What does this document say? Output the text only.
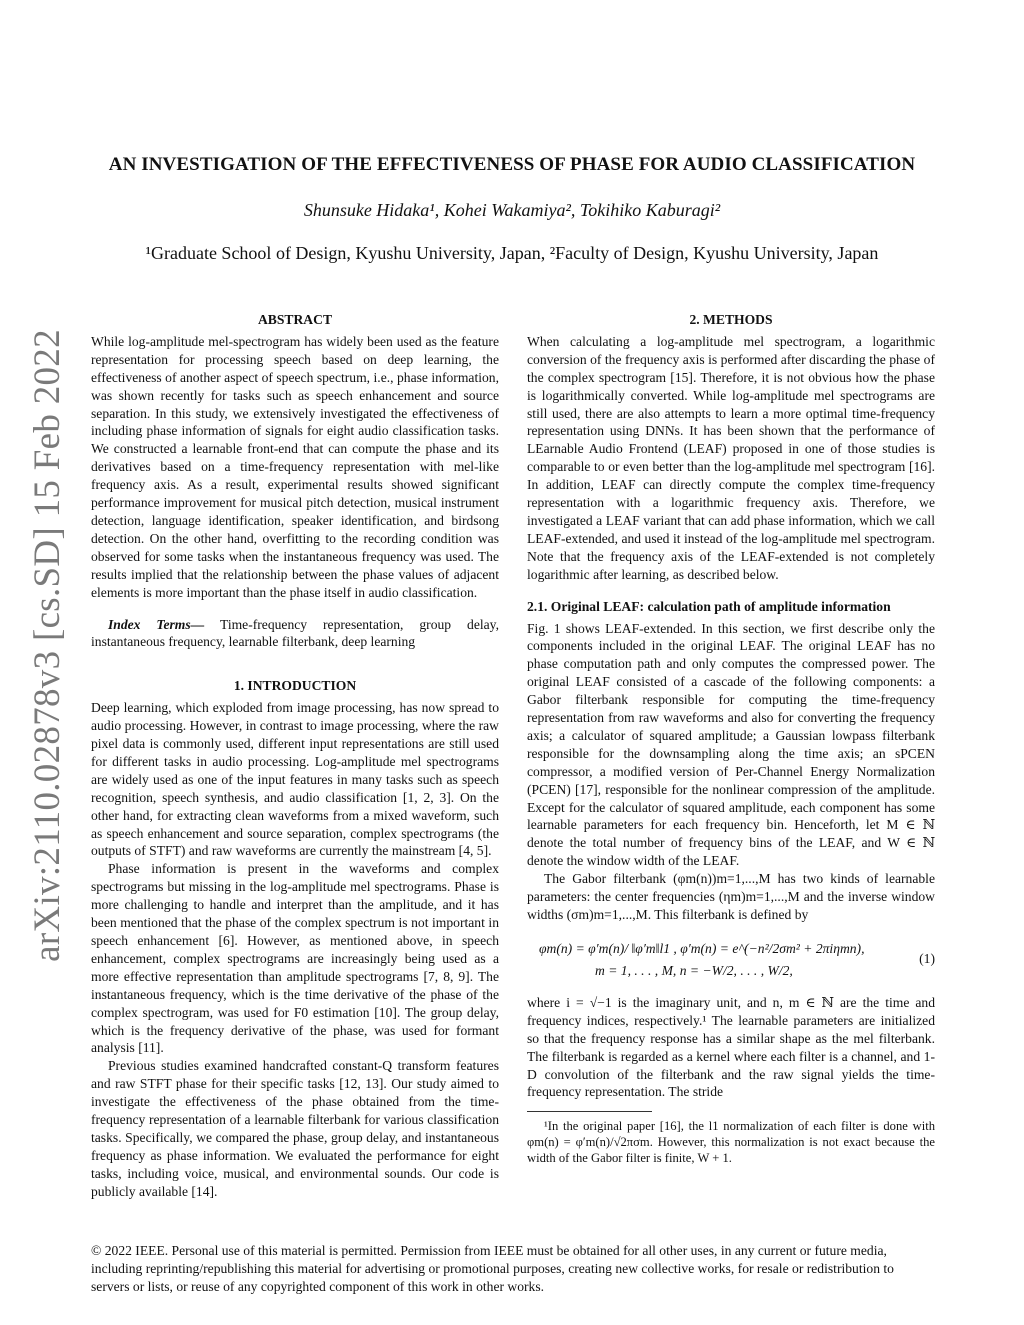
arXiv:2110.02878v3 [cs.SD] 15 Feb 2022
AN INVESTIGATION OF THE EFFECTIVENESS OF PHASE FOR AUDIO CLASSIFICATION
Shunsuke Hidaka¹, Kohei Wakamiya², Tokihiko Kaburagi²
¹Graduate School of Design, Kyushu University, Japan, ²Faculty of Design, Kyushu University, Japan
ABSTRACT

While log-amplitude mel-spectrogram has widely been used as the feature representation for processing speech based on deep learning, the effectiveness of another aspect of speech spectrum, i.e., phase information, was shown recently for tasks such as speech enhancement and source separation. In this study, we extensively investigated the effectiveness of including phase information of signals for eight audio classification tasks. We constructed a learnable front-end that can compute the phase and its derivatives based on a time-frequency representation with mel-like frequency axis. As a result, experimental results showed significant performance improvement for musical pitch detection, musical instrument detection, language identification, speaker identification, and birdsong detection. On the other hand, overfitting to the recording condition was observed for some tasks when the instantaneous frequency was used. The results implied that the relationship between the phase values of adjacent elements is more important than the phase itself in audio classification.

Index Terms— Time-frequency representation, group delay, instantaneous frequency, learnable filterbank, deep learning

1. INTRODUCTION

Deep learning, which exploded from image processing, has now spread to audio processing. However, in contrast to image processing, where the raw pixel data is commonly used, different input representations are still used for different tasks in audio processing. Log-amplitude mel spectrograms are widely used as one of the input features in many tasks such as speech recognition, speech synthesis, and audio classification [1, 2, 3]. On the other hand, for extracting clean waveforms from a mixed waveform, such as speech enhancement and source separation, complex spectrograms (the outputs of STFT) and raw waveforms are currently the mainstream [4, 5].

Phase information is present in the waveforms and complex spectrograms but missing in the log-amplitude mel spectrograms. Phase is more challenging to handle and interpret than the amplitude, and it has been mentioned that the phase of the complex spectrum is not important in speech enhancement [6]. However, as mentioned above, in speech enhancement, complex spectrograms are increasingly being used as a more effective representation than amplitude spectrograms [7, 8, 9]. The instantaneous frequency, which is the time derivative of the phase of the complex spectrogram, was used for F0 estimation [10]. The group delay, which is the frequency derivative of the phase, was used for formant analysis [11].

Previous studies examined handcrafted constant-Q transform features and raw STFT phase for their specific tasks [12, 13]. Our study aimed to investigate the effectiveness of the phase obtained from the time-frequency representation of a learnable filterbank for various classification tasks. Specifically, we compared the phase, group delay, and instantaneous frequency as phase information. We evaluated the performance for eight tasks, including voice, musical, and environmental sounds. Our code is publicly available [14].

2. METHODS

When calculating a log-amplitude mel spectrogram, a logarithmic conversion of the frequency axis is performed after discarding the phase of the complex spectrogram [15]. Therefore, it is not obvious how the phase is logarithmically converted. While log-amplitude mel spectrograms are still used, there are also attempts to learn a more optimal time-frequency representation using DNNs. It has been shown that the performance of LEarnable Audio Frontend (LEAF) proposed in one of those studies is comparable to or even better than the log-amplitude mel spectrogram [16]. In addition, LEAF can directly compute the complex time-frequency representation with a logarithmic frequency axis. Therefore, we investigated a LEAF variant that can add phase information, which we call LEAF-extended, and used it instead of the log-amplitude mel spectrogram. Note that the frequency axis of the LEAF-extended is not completely logarithmic after learning, as described below.

2.1. Original LEAF: calculation path of amplitude information

Fig. 1 shows LEAF-extended. In this section, we first describe only the components included in the original LEAF. The original LEAF has no phase computation path and only computes the compressed power. The original LEAF consisted of a cascade of the following components: a Gabor filterbank responsible for computing the time-frequency representation from raw waveforms and also for converting the frequency axis; a calculator of squared amplitude; a Gaussian lowpass filterbank responsible for the downsampling along the time axis; an sPCEN compressor, a modified version of Per-Channel Energy Normalization (PCEN) [17], responsible for the nonlinear compression of the amplitude. Except for the calculator of squared amplitude, each component has some learnable parameters for each frequency bin. Henceforth, let M ∈ ℕ denote the total number of frequency bins of the LEAF, and W ∈ ℕ denote the window width of the LEAF.

The Gabor filterbank (φm(n))m=1,...,M has two kinds of learnable parameters: the center frequencies (ηm)m=1,...,M and the inverse window widths (σm)m=1,...,M. This filterbank is defined by

φm(n) = φ′m(n)/ ‖φ′m‖l1 , φ′m(n) = e^(−n²/2σm² + 2πiηmn),
m = 1, . . . , M, n = −W/2, . . . , W/2,
(1)

where i = √−1 is the imaginary unit, and n, m ∈ ℕ are the time and frequency indices, respectively.¹ The learnable parameters are initialized so that the frequency response has a similar shape as the mel filterbank. The filterbank is regarded as a kernel where each filter is a channel, and 1-D convolution of the filterbank and the raw signal yields the time-frequency representation. The stride

¹In the original paper [16], the l1 normalization of each filter is done with φm(n) = φ′m(n)/√2πσm. However, this normalization is not exact because the width of the Gabor filter is finite, W + 1.

© 2022 IEEE. Personal use of this material is permitted. Permission from IEEE must be obtained for all other uses, in any current or future media, including reprinting/republishing this material for advertising or promotional purposes, creating new collective works, for resale or redistribution to servers or lists, or reuse of any copyrighted component of this work in other works.
